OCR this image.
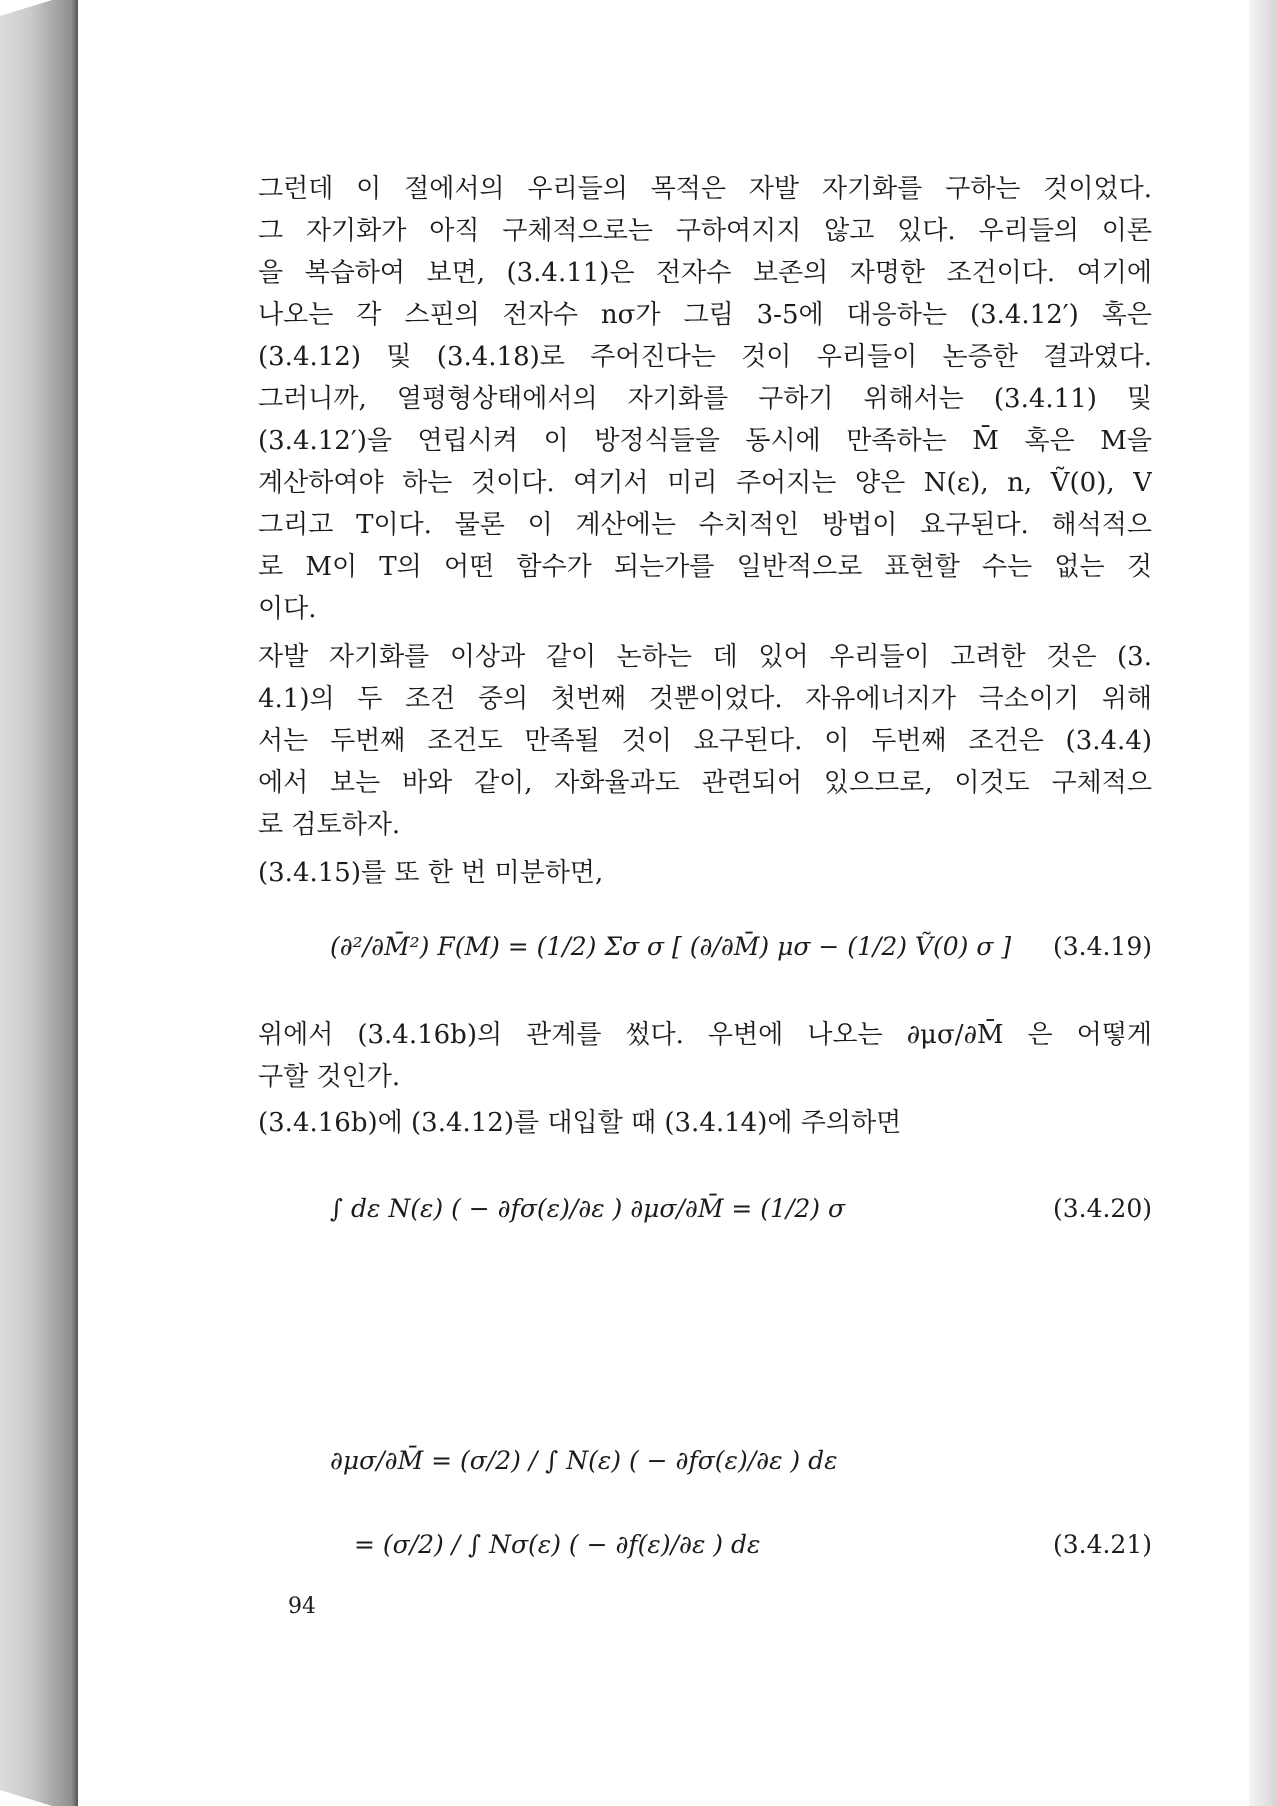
그런데 이 절에서의 우리들의 목적은 자발 자기화를 구하는 것이었다.
그 자기화가 아직 구체적으로는 구하여지지 않고 있다. 우리들의 이론
을 복습하여 보면, (3.4.11)은 전자수 보존의 자명한 조건이다. 여기에
나오는 각 스핀의 전자수 nσ가 그림 3-5에 대응하는 (3.4.12′) 혹은
(3.4.12) 및 (3.4.18)로 주어진다는 것이 우리들이 논증한 결과였다.
그러니까, 열평형상태에서의 자기화를 구하기 위해서는 (3.4.11) 및
(3.4.12′)을 연립시켜 이 방정식들을 동시에 만족하는 M̄ 혹은 M을
계산하여야 하는 것이다. 여기서 미리 주어지는 양은 N(ε), n, Ṽ(0), V
그리고 T이다. 물론 이 계산에는 수치적인 방법이 요구된다. 해석적으
로 M이 T의 어떤 함수가 되는가를 일반적으로 표현할 수는 없는 것
이다.
자발 자기화를 이상과 같이 논하는 데 있어 우리들이 고려한 것은 (3.
4.1)의 두 조건 중의 첫번째 것뿐이었다. 자유에너지가 극소이기 위해
서는 두번째 조건도 만족될 것이 요구된다. 이 두번째 조건은 (3.4.4)
에서 보는 바와 같이, 자화율과도 관련되어 있으므로, 이것도 구체적으
로 검토하자.
(3.4.15)를 또 한 번 미분하면,
(∂²/∂M̄²) F(M) = (1/2) Σσ σ [ (∂/∂M̄) μσ − (1/2) Ṽ(0) σ ] (3.4.19)
위에서 (3.4.16b)의 관계를 썼다. 우변에 나오는 ∂μσ/∂M̄ 은 어떻게
구할 것인가.
(3.4.16b)에 (3.4.12)를 대입할 때 (3.4.14)에 주의하면
∫ dε N(ε) ( − ∂fσ(ε)/∂ε ) ∂μσ/∂M̄ = (1/2) σ	(3.4.20)
∂μσ/∂M̄ = (σ/2) / ∫ N(ε) ( − ∂fσ(ε)/∂ε ) dε
= (σ/2) / ∫ Nσ(ε) ( − ∂f(ε)/∂ε ) dε	(3.4.21)
94
